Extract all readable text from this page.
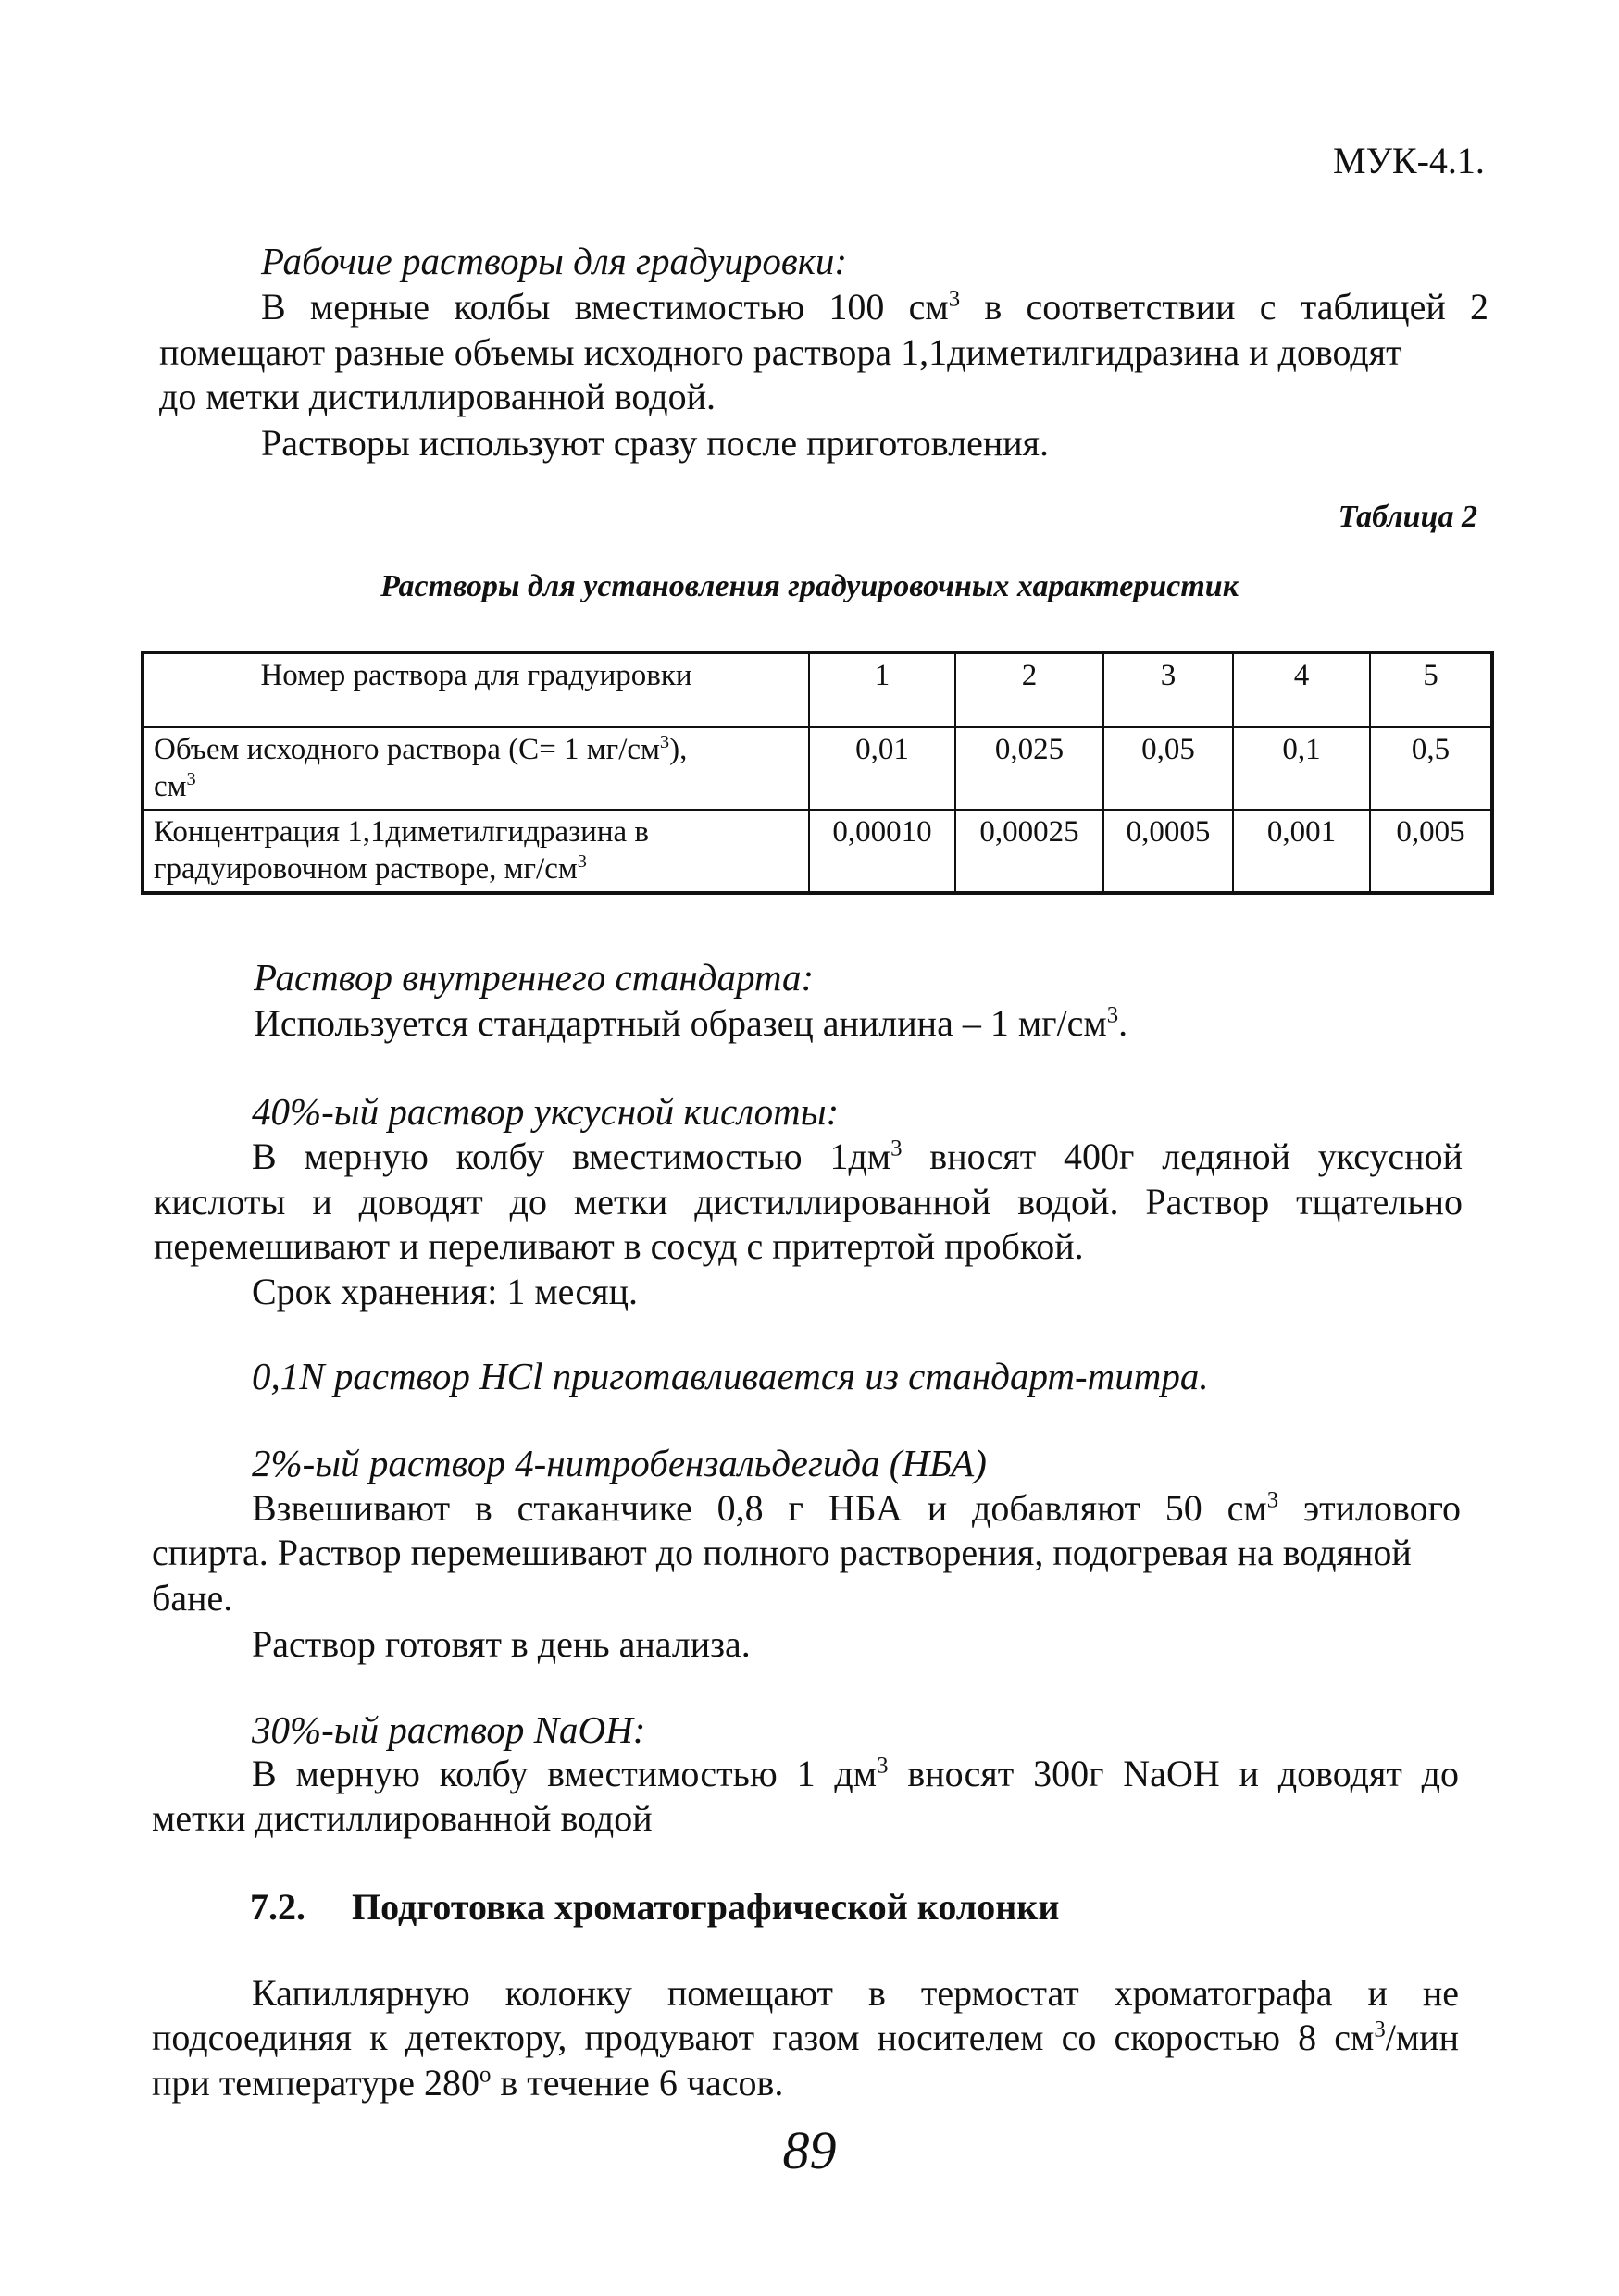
МУК-4.1.
Рабочие растворы для градуировки:
В мерные колбы вместимостью 100 $см^3$ в соответствии с таблицей 2
помещают разные объемы исходного раствора 1,1диметилгидразина и доводят
до метки дистиллированной водой.
Растворы используют сразу после приготовления.
Таблица 2
Растворы для установления градуировочных характеристик
Номер раствора для градуировки	1	2	3	4	5
Объем исходного раствора (С= 1 $мг/см^3$),
$см^3$	0,01	0,025	0,05	0,1	0,5
Концентрация 1,1диметилгидразина в
градуировочном растворе, $мг/см^3$	0,00010	0,00025	0,0005	0,001	0,005
Раствор внутреннего стандарта:
Используется стандартный образец анилина – 1 $мг/см^3$.
40%-ый раствор уксусной кислоты:
В мерную колбу вместимостью $1дм^3$ вносят 400г ледяной уксусной
кислоты и доводят до метки дистиллированной водой. Раствор тщательно
перемешивают и переливают в сосуд с притертой пробкой.
Срок хранения: 1 месяц.
0,1N раствор HCl приготавливается из стандарт-титра.
2%-ый раствор 4-нитробензальдегида (НБА)
Взвешивают в стаканчике 0,8 г НБА и добавляют 50 $см^3$ этилового
спирта. Раствор перемешивают до полного растворения, подогревая на водяной
бане.
Раствор готовят в день анализа.
30%-ый раствор NaOH:
В мерную колбу вместимостью 1 $дм^3$ вносят 300г NaOH и доводят до
метки дистиллированной водой
7.2. Подготовка хроматографической колонки
Капиллярную колонку помещают в термостат хроматографа и не
подсоединяя к детектору, продувают газом носителем со скоростью 8 $см^3$/мин
при температуре $280^о$ в течение 6 часов.
89
